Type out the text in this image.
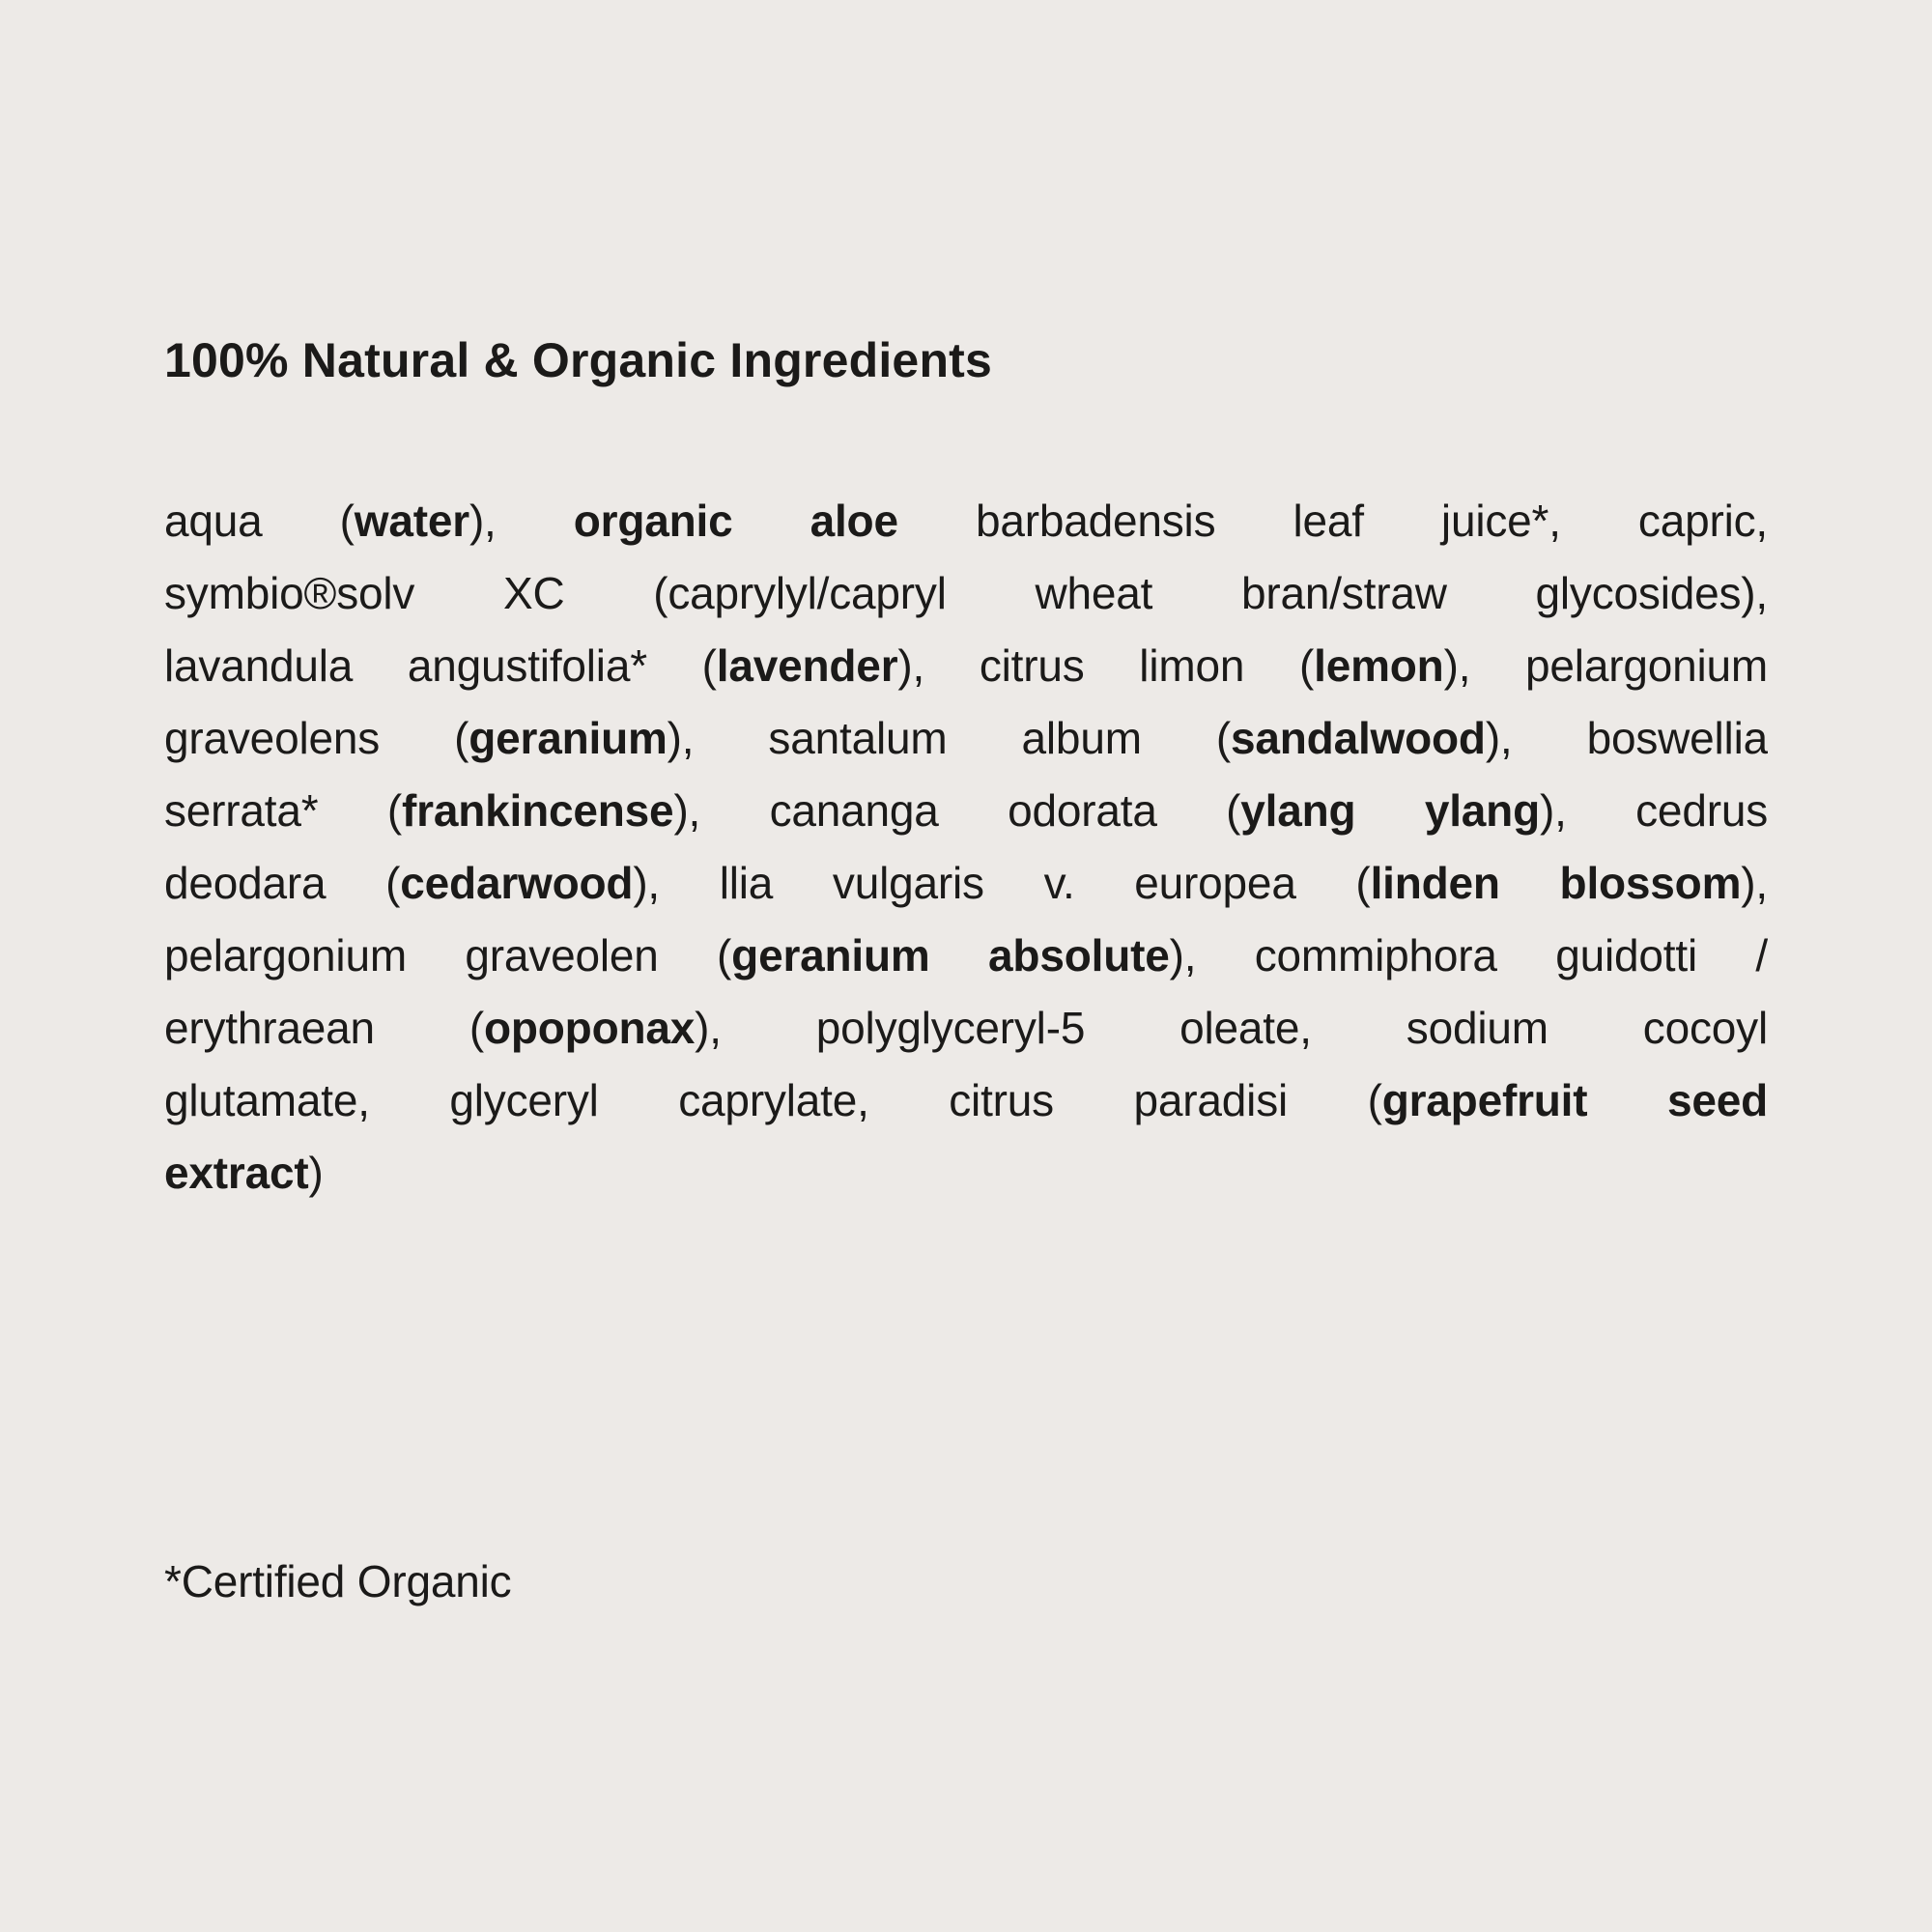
100% Natural & Organic Ingredients
aqua (water), organic aloe barbadensis leaf juice*, capric,
symbio®solv XC (caprylyl/capryl wheat bran/straw glycosides),
lavandula angustifolia* (lavender), citrus limon (lemon), pelargonium
graveolens (geranium), santalum album (sandalwood), boswellia
serrata* (frankincense), cananga odorata (ylang ylang), cedrus
deodara (cedarwood), llia vulgaris v. europea (linden blossom),
pelargonium graveolen (geranium absolute), commiphora guidotti /
erythraean (opoponax), polyglyceryl-5 oleate, sodium cocoyl
glutamate, glyceryl caprylate, citrus paradisi (grapefruit seed
extract)
*Certified Organic
